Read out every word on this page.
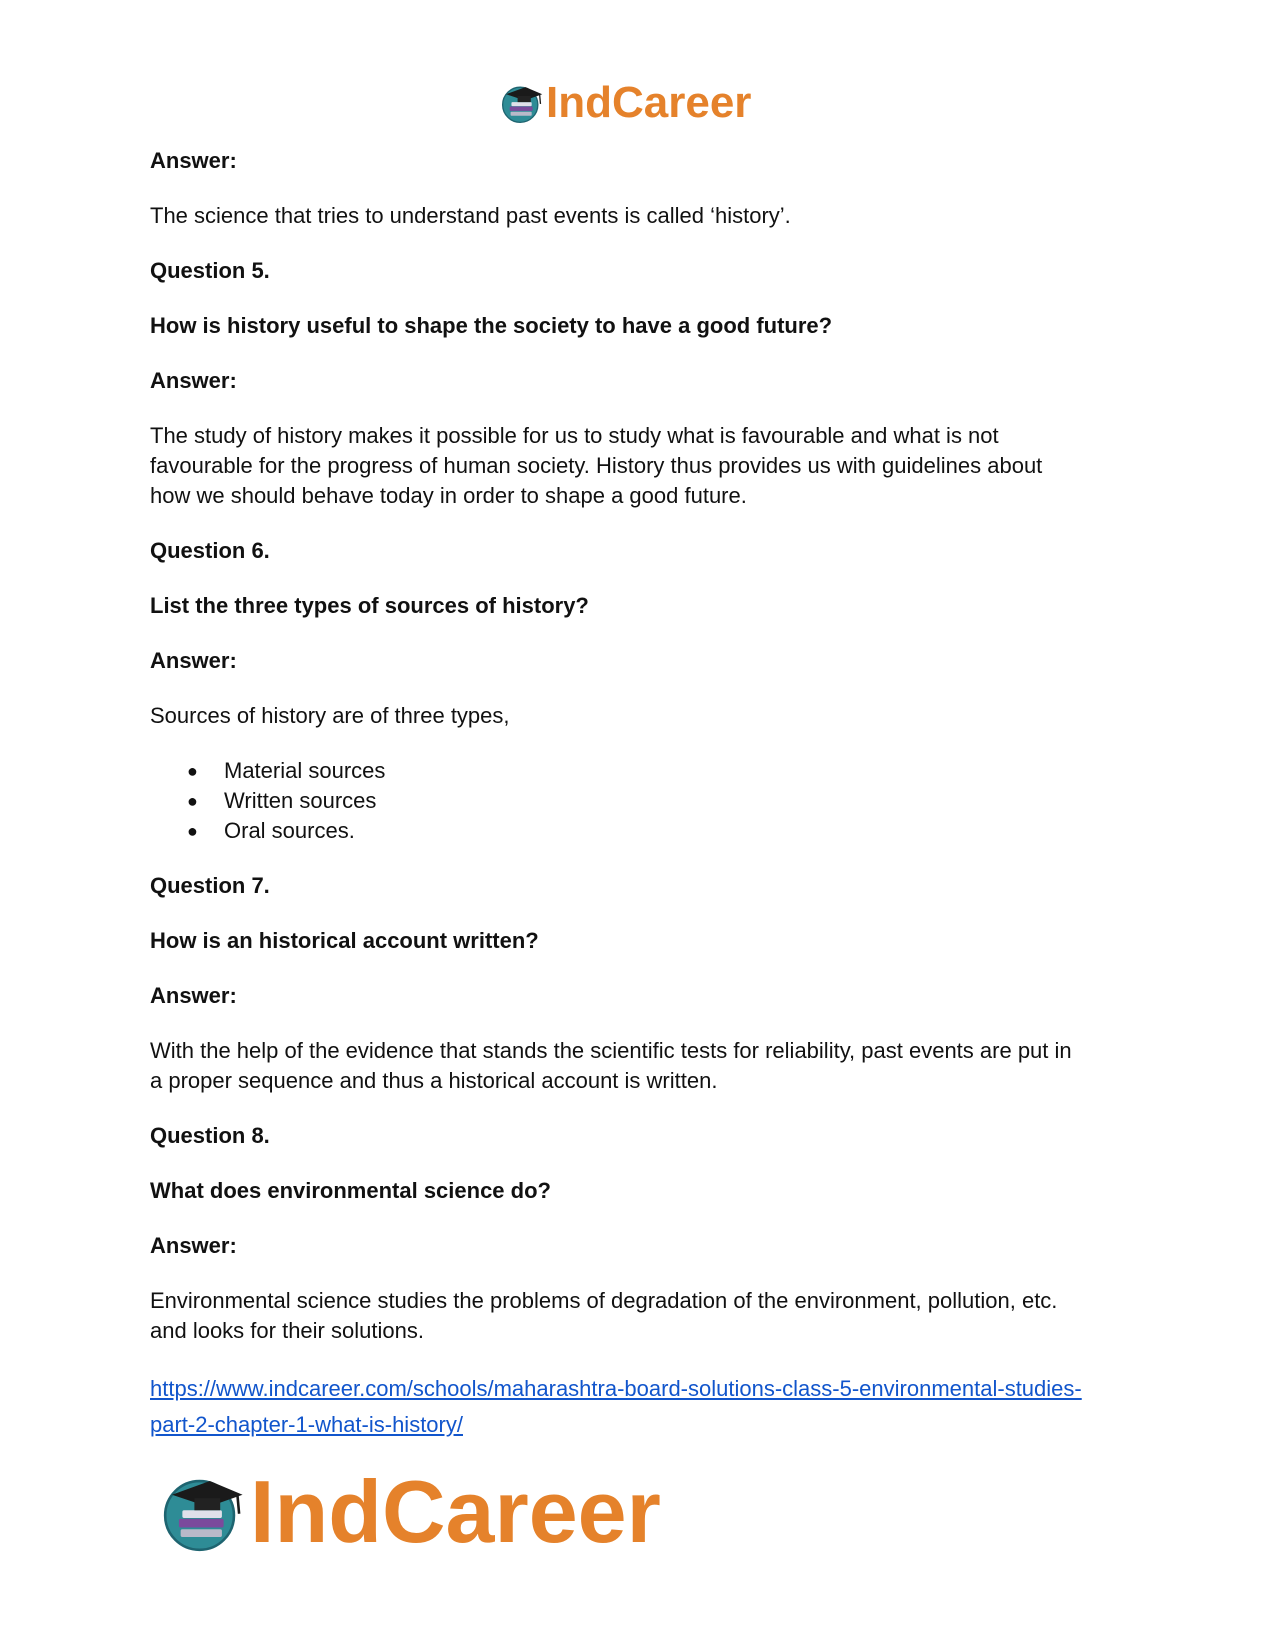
IndCareer

Answer:

The science that tries to understand past events is called ‘history’.

Question 5.

How is history useful to shape the society to have a good future?

Answer:

The study of history makes it possible for us to study what is favourable and what is not

favourable for the progress of human society. History thus provides us with guidelines about

how we should behave today in order to shape a good future.

Question 6.

List the three types of sources of history?

Answer:

Sources of history are of three types,

● Material sources
● Written sources
● Oral sources.

Question 7.

How is an historical account written?

Answer:

With the help of the evidence that stands the scientific tests for reliability, past events are put in

a proper sequence and thus a historical account is written.

Question 8.

What does environmental science do?

Answer:

Environmental science studies the problems of degradation of the environment, pollution, etc.

and looks for their solutions.

https://www.indcareer.com/schools/maharashtra-board-solutions-class-5-environmental-studies-
part-2-chapter-1-what-is-history/
IndCareer
